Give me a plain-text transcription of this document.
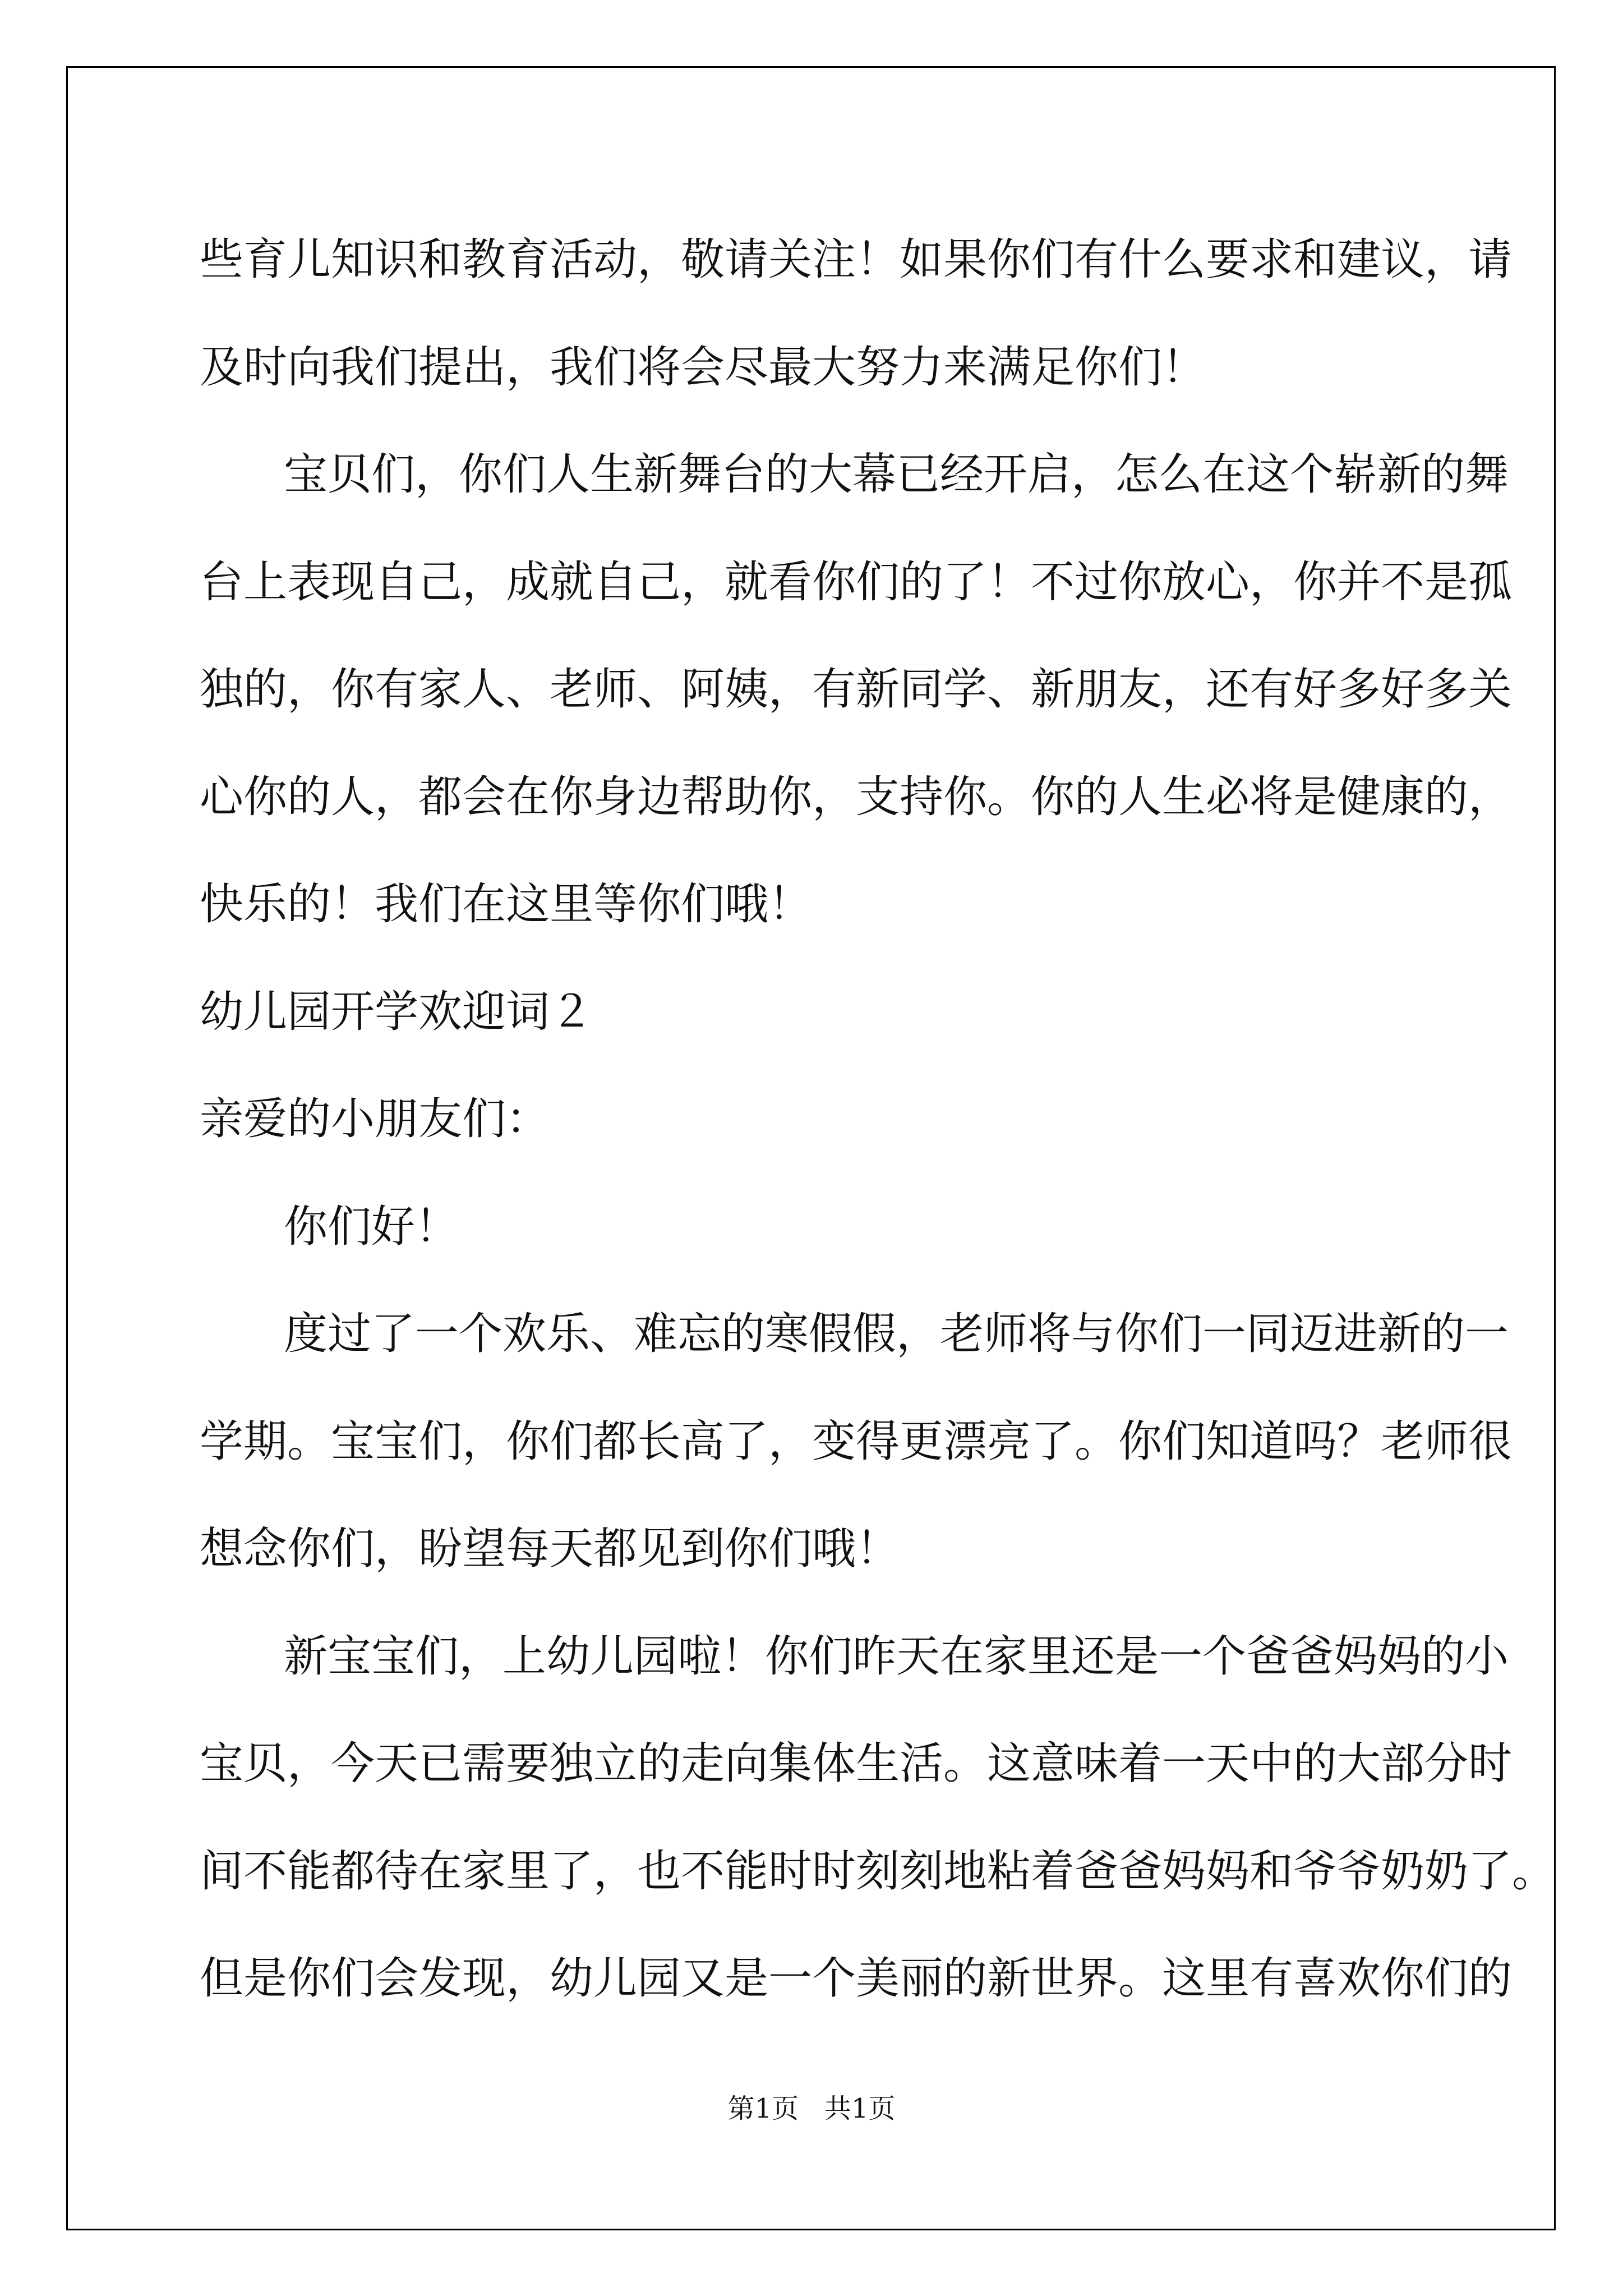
些育儿知识和教育活动，敬请关注！如果你们有什么要求和建议，请
及时向我们提出，我们将会尽最大努力来满足你们！
宝贝们，你们人生新舞台的大幕已经开启，怎么在这个崭新的舞
台上表现自己，成就自己，就看你们的了！不过你放心，你并不是孤
独的，你有家人、老师、阿姨，有新同学、新朋友，还有好多好多关
心你的人，都会在你身边帮助你，支持你。你的人生必将是健康的，
快乐的！我们在这里等你们哦！
幼儿园开学欢迎词２
亲爱的小朋友们：
你们好！
度过了一个欢乐、难忘的寒假假，老师将与你们一同迈进新的一
学期。宝宝们，你们都长高了，变得更漂亮了。你们知道吗？老师很
想念你们，盼望每天都见到你们哦！
新宝宝们，上幼儿园啦！你们昨天在家里还是一个爸爸妈妈的小
宝贝，今天已需要独立的走向集体生活。这意味着一天中的大部分时
间不能都待在家里了，也不能时时刻刻地粘着爸爸妈妈和爷爷奶奶了。
但是你们会发现，幼儿园又是一个美丽的新世界。这里有喜欢你们的
第1页   共1页
